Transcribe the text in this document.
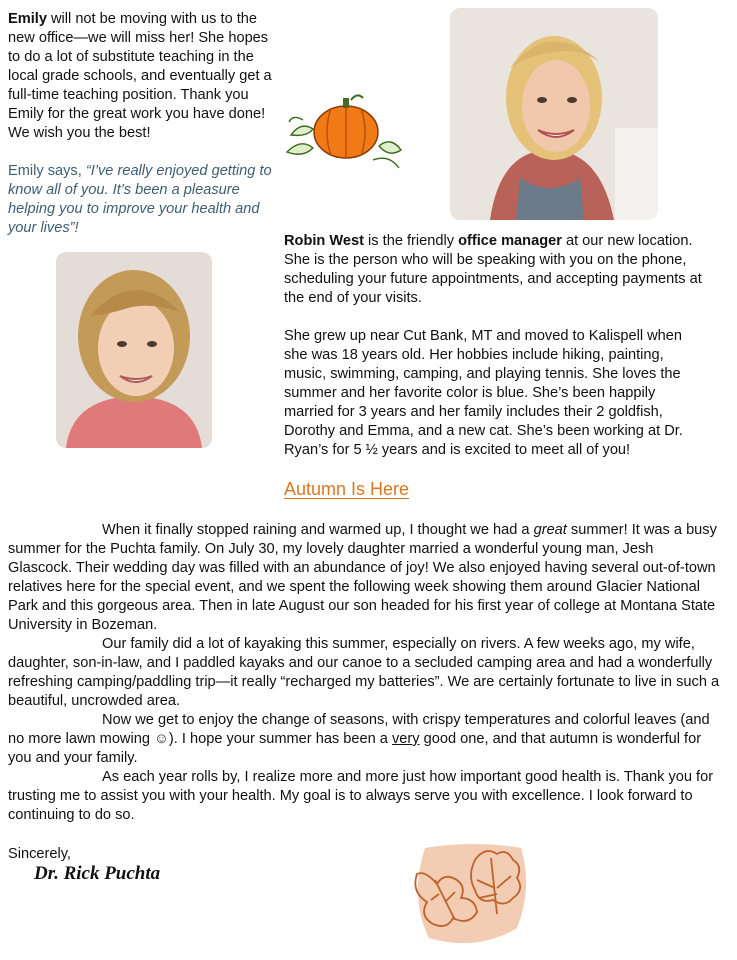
Emily will not be moving with us to the new office—we will miss her! She hopes to do a lot of substitute teaching in the local grade schools, and eventually get a full-time teaching position. Thank you Emily for the great work you have done! We wish you the best!

Emily says, “I’ve really enjoyed getting to know all of you. It’s been a pleasure helping you to improve your health and your lives”!

Robin West is the friendly office manager at our new location. She is the person who will be speaking with you on the phone, scheduling your future appointments, and accepting payments at the end of your visits.

She grew up near Cut Bank, MT and moved to Kalispell when she was 18 years old. Her hobbies include hiking, painting, music, swimming, camping, and playing tennis. She loves the summer and her favorite color is blue. She’s been happily married for 3 years and her family includes their 2 goldfish, Dorothy and Emma, and a new cat. She’s been working at Dr. Ryan’s for 5 ½ years and is excited to meet all of you!

Autumn Is Here

When it finally stopped raining and warmed up, I thought we had a great summer! It was a busy summer for the Puchta family. On July 30, my lovely daughter married a wonderful young man, Jesh Glascock. Their wedding day was filled with an abundance of joy! We also enjoyed having several out-of-town relatives here for the special event, and we spent the following week showing them around Glacier National Park and this gorgeous area. Then in late August our son headed for his first year of college at Montana State University in Bozeman.

Our family did a lot of kayaking this summer, especially on rivers. A few weeks ago, my wife, daughter, son-in-law, and I paddled kayaks and our canoe to a secluded camping area and had a wonderfully refreshing camping/paddling trip—it really “recharged my batteries”. We are certainly fortunate to live in such a beautiful, uncrowded area.

Now we get to enjoy the change of seasons, with crispy temperatures and colorful leaves (and no more lawn mowing ☺). I hope your summer has been a very good one, and that autumn is wonderful for you and your family.

As each year rolls by, I realize more and more just how important good health is. Thank you for trusting me to assist you with your health. My goal is to always serve you with excellence. I look forward to continuing to do so.

Sincerely,
Dr. Rick Puchta
